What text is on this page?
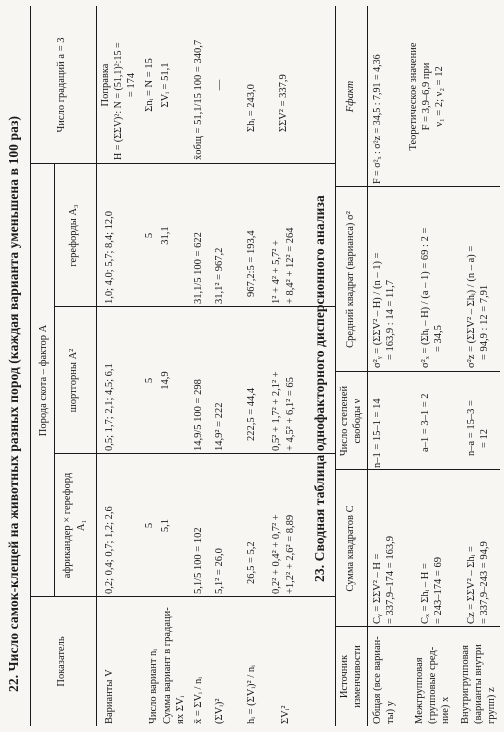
22. Число самок-клещей на животных разных пород (каждая варианта уменьшена в 100 раз)	Показатель
Порода скота – фактор A
африкандер × герефорд A₁
шортгорны A²
герефорды A₃
Число градаций a = 3
Варианты V
0,2; 0,4; 0,7; 1,2; 2,6
0,5; 1,7; 2,1; 4,5; 6,1
1,0; 4,0; 5,7; 8,4; 12,0
Поправка H = (ΣΣV)²: N = (51,1)²:15 = = 174
Число вариант nᵢ
5
5
5
Σnᵢ = N = 15
Сумма вариант в градаци- ях ΣVᵢ
5,1
14,9
31,1
ΣVᵢ = 51,1
x̄ = ΣVᵢ / nᵢ
5,1/5 100 = 102
14,9/5 100 = 298
31,1/5 100 = 622
x̄общ = 51,1/15 100 = 340,7
(ΣVᵢ)²
5,1² = 26,0
14,9² = 222
31,1² = 967,2
—
hᵢ = (ΣVᵢ)² / nᵢ
26,5 = 5,2
222,5 = 44,4
967,2:5 = 193,4
Σhᵢ = 243,0
ΣVᵢ²
0,2² + 0,4² + 0,7² + +1,2² + 2,6² = 8,89
0,5² + 1,7² + 2,1² + + 4,5² + 6,1² = 65
1² + 4² + 5,7² + + 8,4² + 12² = 264
ΣΣV² = 337,9
23. Сводная таблица однофакторного дисперсионного анализа
Источник изменчивости
Сумма квадратов C
Число степеней свободы ν
Средний квадрат (вариансa) σ²
Fфакт
Общая (все вариан- ты) y
Cᵧ = ΣΣV² – H = = 337,9–174 = 163,9
n–1 = 15–1 = 14
σ²ᵧ = (ΣΣV² – H) / (n – 1) = = 163,9 : 14 = 11,7
F = σ²ₓ : σ²z = 34,5 : 7,91 = 4,36
Межгрупповая (групповые сред- ние) x
Cₓ = Σhᵢ – H = = 243–174 = 69
a–1 = 3–1 = 2
σ²ₓ = (Σhᵢ – H) / (a – 1) = 69 : 2 = = 34,5
Теоретическое значение F = 3,9–6,9 при ν₁ = 2; ν₂ = 12
Внутригрупповая (варианты внутри групп) z
Cz = ΣΣV² – Σhᵢ = = 337,9–243 = 94,9
n–a = 15–3 = = 12
σ²z = (ΣΣV² – Σhᵢ) / (n – a) = = 94,9 : 12 = 7,91
